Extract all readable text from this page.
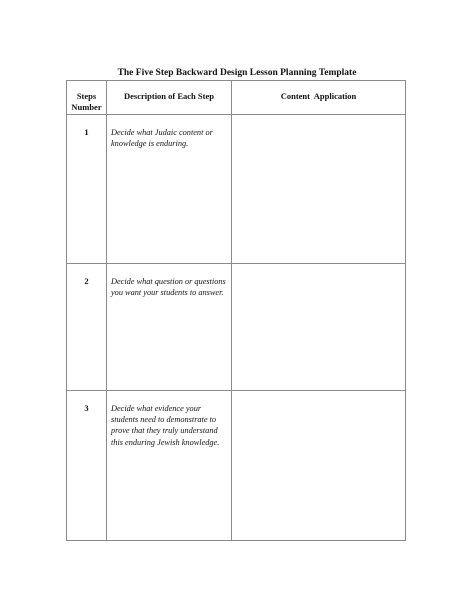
The Five Step Backward Design Lesson Planning Template
Steps
Number	Description of Each Step	Content  Application
1	Decide what Judaic content or knowledge is enduring.	
2	Decide what question or questions you want your students to answer.	
3	Decide what evidence your students need to demonstrate to prove that they truly understand this enduring Jewish knowledge.	
